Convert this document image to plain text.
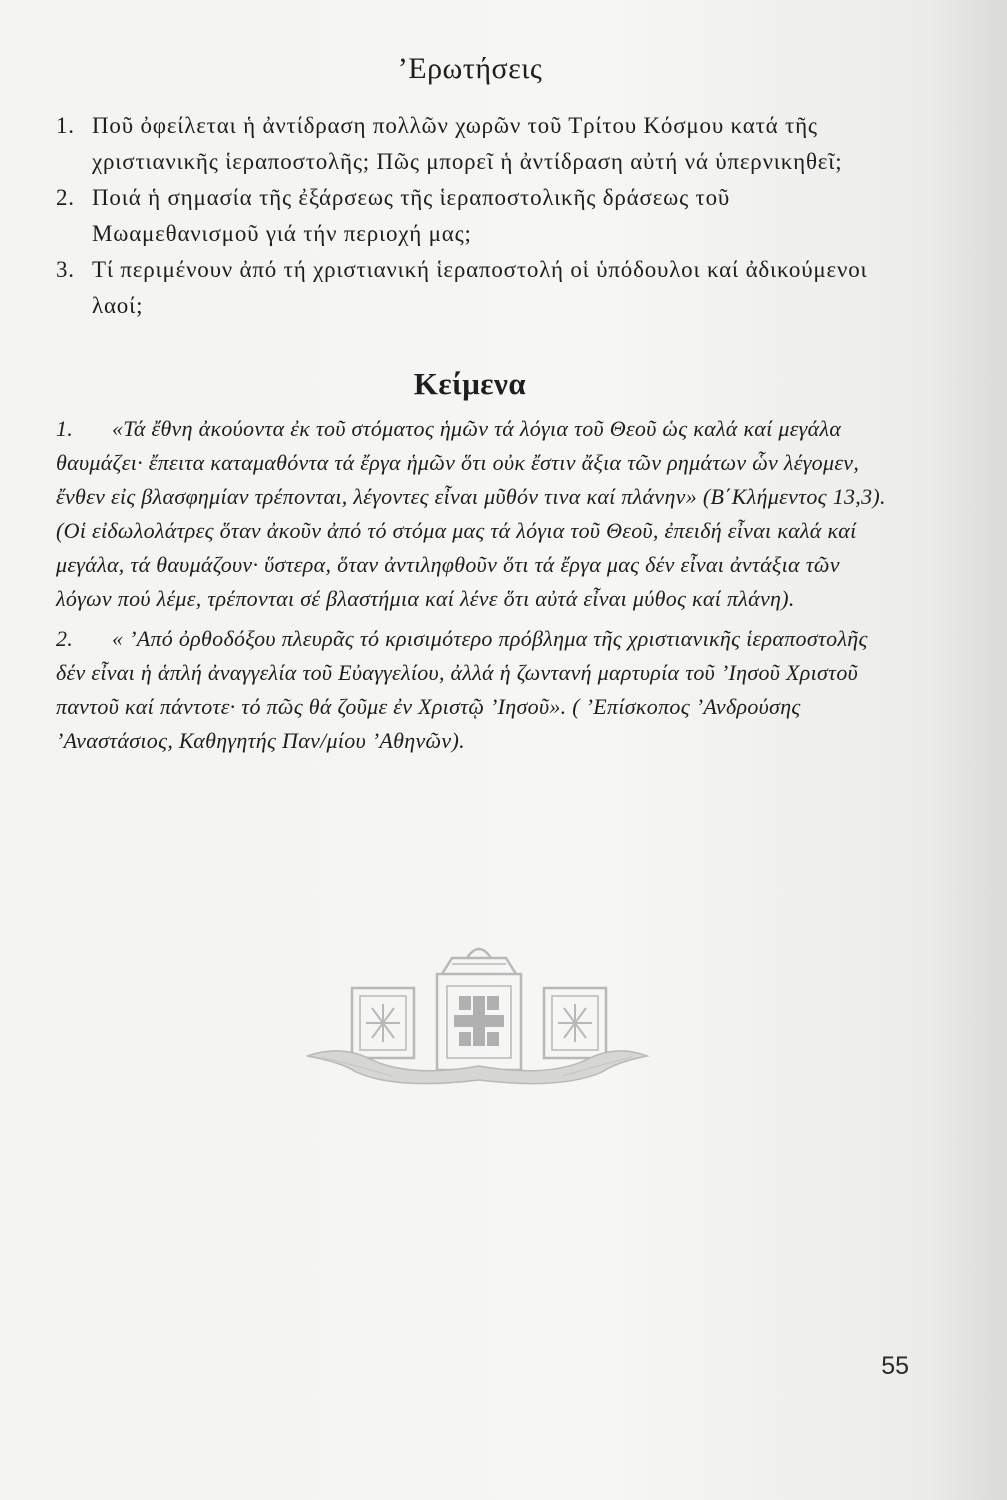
’Ερωτήσεις
1. Ποῦ ὀφείλεται ἡ ἀντίδραση πολλῶν χωρῶν τοῦ Τρίτου Κόσμου κατά τῆς χριστιανικῆς ἱεραποστολῆς; Πῶς μπορεῖ ἡ ἀντίδραση αὐτή νά ὑπερνικηθεῖ;
2. Ποιά ἡ σημασία τῆς ἐξάρσεως τῆς ἱεραποστολικῆς δράσεως τοῦ Μωαμεθανισμοῦ γιά τήν περιοχή μας;
3. Τί περιμένουν ἀπό τή χριστιανική ἱεραποστολή οἱ ὑπόδουλοι καί ἀδικούμενοι λαοί;
Κείμενα
1. «Τά ἔθνη ἀκούοντα ἐκ τοῦ στόματος ἡμῶν τά λόγια τοῦ Θεοῦ ὡς καλά καί μεγάλα θαυμάζει· ἔπειτα καταμαθόντα τά ἔργα ἡμῶν ὅτι οὐκ ἔστιν ἄξια τῶν ρημάτων ὧν λέγομεν, ἔνθεν εἰς βλασφημίαν τρέπονται, λέγοντες εἶναι μῦθόν τινα καί πλάνην» (Β΄Κλήμεντος 13,3). (Οἱ εἰδωλολάτρες ὅταν ἀκοῦν ἀπό τό στόμα μας τά λόγια τοῦ Θεοῦ, ἐπειδή εἶναι καλά καί μεγάλα, τά θαυμάζουν· ὕστερα, ὅταν ἀντιληφθοῦν ὅτι τά ἔργα μας δέν εἶναι ἀντάξια τῶν λόγων πού λέμε, τρέπονται σέ βλαστήμια καί λένε ὅτι αὐτά εἶναι μύθος καί πλάνη).
2. « ’Από ὀρθοδόξου πλευρᾶς τό κρισιμότερο πρόβλημα τῆς χριστιανικῆς ἱεραποστολῆς δέν εἶναι ἡ ἁπλή ἀναγγελία τοῦ Εὐαγγελίου, ἀλλά ἡ ζωντανή μαρτυρία τοῦ ’Ιησοῦ Χριστοῦ παντοῦ καί πάντοτε· τό πῶς θά ζοῦμε ἐν Χριστῷ ’Ιησοῦ». ( ’Επίσκοπος ’Ανδρούσης ’Αναστάσιος, Καθηγητής Παν/μίου ’Αθηνῶν).
55
